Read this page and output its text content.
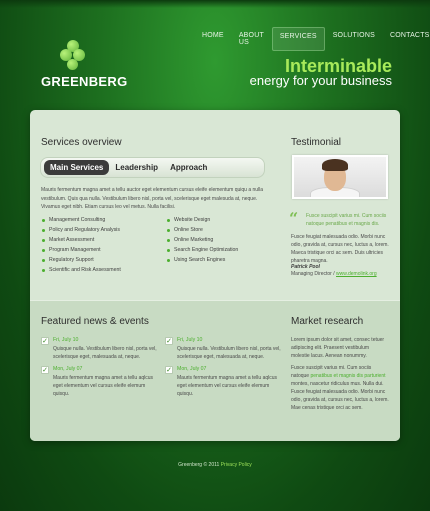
HOME	ABOUT US
SERVICES	SOLUTIONS	CONTACTS
GREENBERG
Interminable
energy for your business
Services overview
Main Services	Leadership	Approach

Mauris fermentum magna amet a tellu auctor eget elementum cursus eleife elementum quiqu a nulla vestibulum. Quis qua nulla. Vestibulum libero nisl, porta vel, scelerisque eget malesuda at, neque. Vivamus eget nibh. Etiam cursus leo vel metus. Nulla facilisi.

Management Consulting
Policy and Regulatory Analysis
Market Assessment
Program Management
Regulatory Support
Scientific and Risk Assessment
Website Design
Online Store
Online Marketing
Search Engine Optimization
Using Search Engines
Testimonial
“ Fusce suscipit varius mi. Cum sociis natoque penatibus et magnis dis.

Fusce feugiat malesuada odio. Morbi nunc odio, gravida at, cursus nec, luctus a, lorem. Maeca tristique orci ac sem. Duis ultricies pharetra magna.

Patrick Pool
Managing Director / www.demolink.org
Featured news & events
✓ Fri, July 10

Quisque nulla. Vestibulum libero nisl, porta vel, scelerisque eget, malesuada at, neque.

✓ Fri, July 10

Quisque nulla. Vestibulum libero nisl, porta vel, scelerisque eget, malesuada at, neque.

✓ Mon, July 07

Mauris fermentum magna amet a tellu aqlcus eget elementum vel cursus eleife elemum quisqu.

✓ Mon, July 07

Mauris fermentum magna amet a tellu aqlcus eget elementum vel cursus eleife elemum quisqu.

Market research

Lorem ipsum dolor sit amet, consec tetuer adipiscing elit. Praesent vestibulum molestie lacus. Aenean nonummy.

Fusce suscipit varius mi. Cum sociis natoque penatibus et magnis dis parturient montes, nascetur ridiculus mus. Nulla dui. Fusce feugiat malesuada odio. Morbi nunc odio, gravida at, cursus nec, luctus a, lorem. Mae cenas tristique orci ac sem.

Greenberg © 2011 Privacy Policy
